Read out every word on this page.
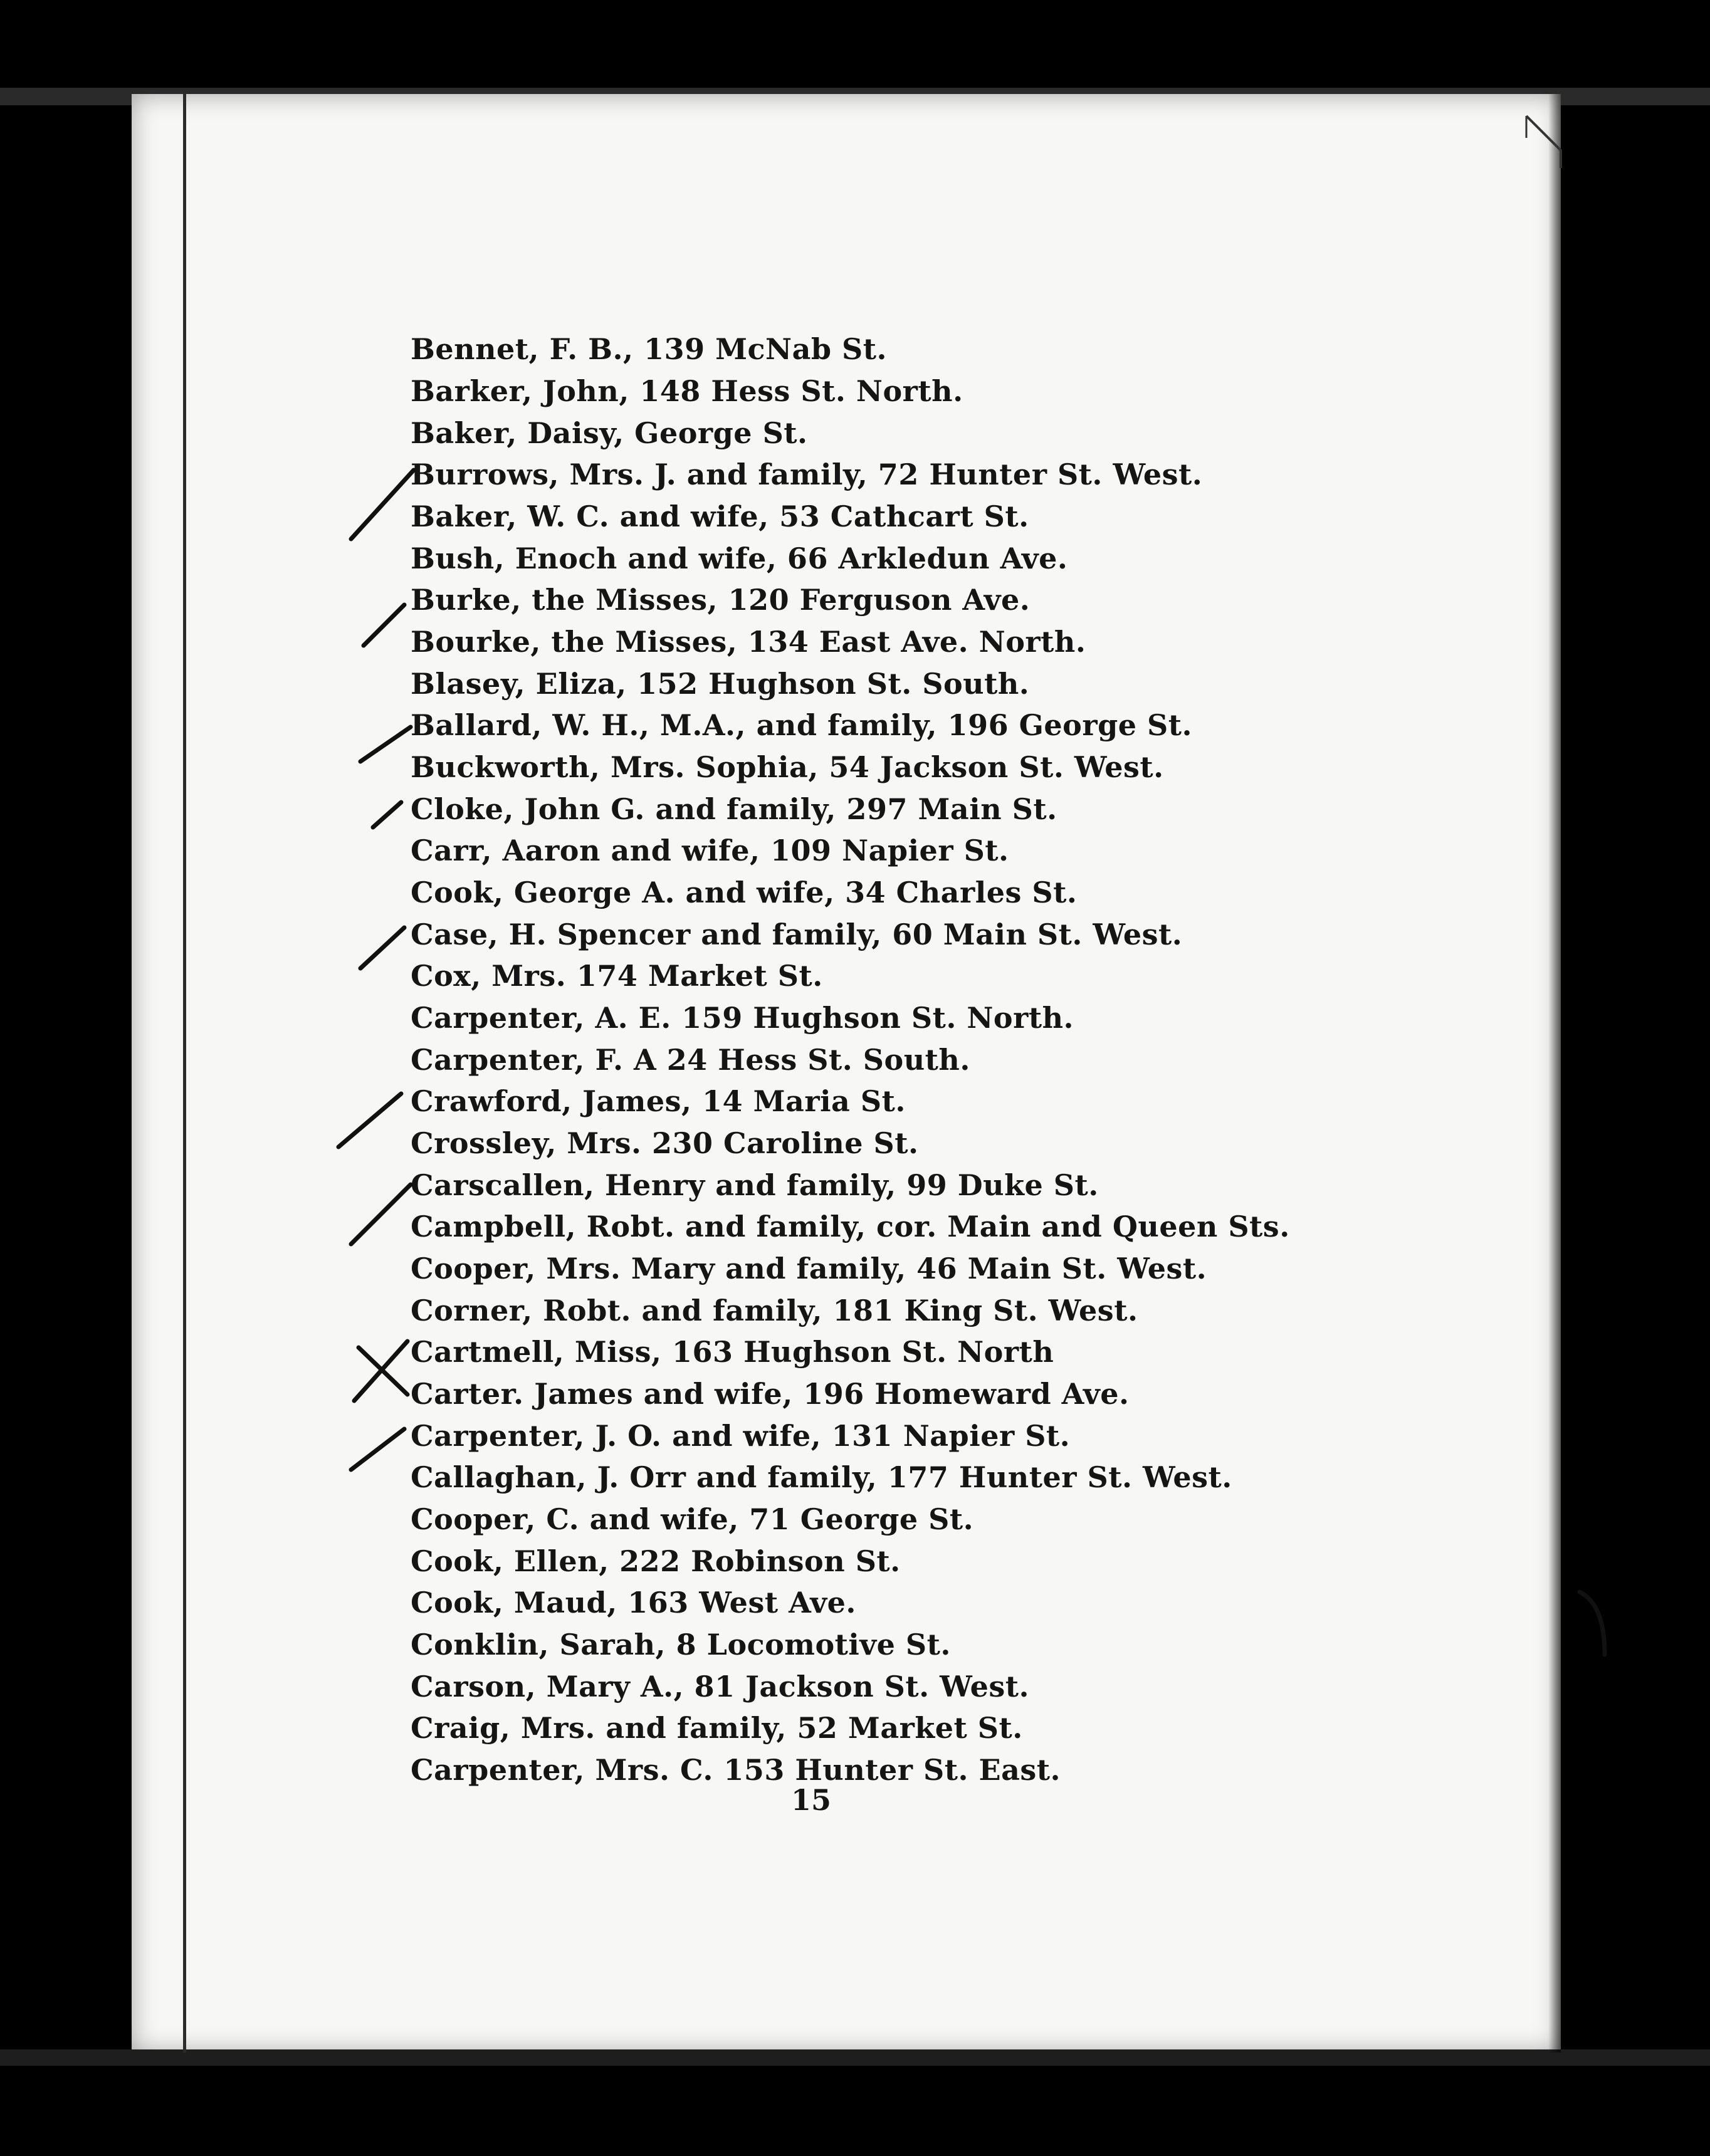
Bennet, F. B., 139 McNab St.
Barker, John, 148 Hess St. North.
Baker, Daisy, George St.
Burrows, Mrs. J. and family, 72 Hunter St. West.
Baker, W. C. and wife, 53 Cathcart St.
Bush, Enoch and wife, 66 Arkledun Ave.
Burke, the Misses, 120 Ferguson Ave.
Bourke, the Misses, 134 East Ave. North.
Blasey, Eliza, 152 Hughson St. South.
Ballard, W. H., M.A., and family, 196 George St.
Buckworth, Mrs. Sophia, 54 Jackson St. West.
Cloke, John G. and family, 297 Main St.
Carr, Aaron and wife, 109 Napier St.
Cook, George A. and wife, 34 Charles St.
Case, H. Spencer and family, 60 Main St. West.
Cox, Mrs. 174 Market St.
Carpenter, A. E. 159 Hughson St. North.
Carpenter, F. A 24 Hess St. South.
Crawford, James, 14 Maria St.
Crossley, Mrs. 230 Caroline St.
Carscallen, Henry and family, 99 Duke St.
Campbell, Robt. and family, cor. Main and Queen Sts.
Cooper, Mrs. Mary and family, 46 Main St. West.
Corner, Robt. and family, 181 King St. West.
Cartmell, Miss, 163 Hughson St. North
Carter. James and wife, 196 Homeward Ave.
Carpenter, J. O. and wife, 131 Napier St.
Callaghan, J. Orr and family, 177 Hunter St. West.
Cooper, C. and wife, 71 George St.
Cook, Ellen, 222 Robinson St.
Cook, Maud, 163 West Ave.
Conklin, Sarah, 8 Locomotive St.
Carson, Mary A., 81 Jackson St. West.
Craig, Mrs. and family, 52 Market St.
Carpenter, Mrs. C. 153 Hunter St. East.
15
